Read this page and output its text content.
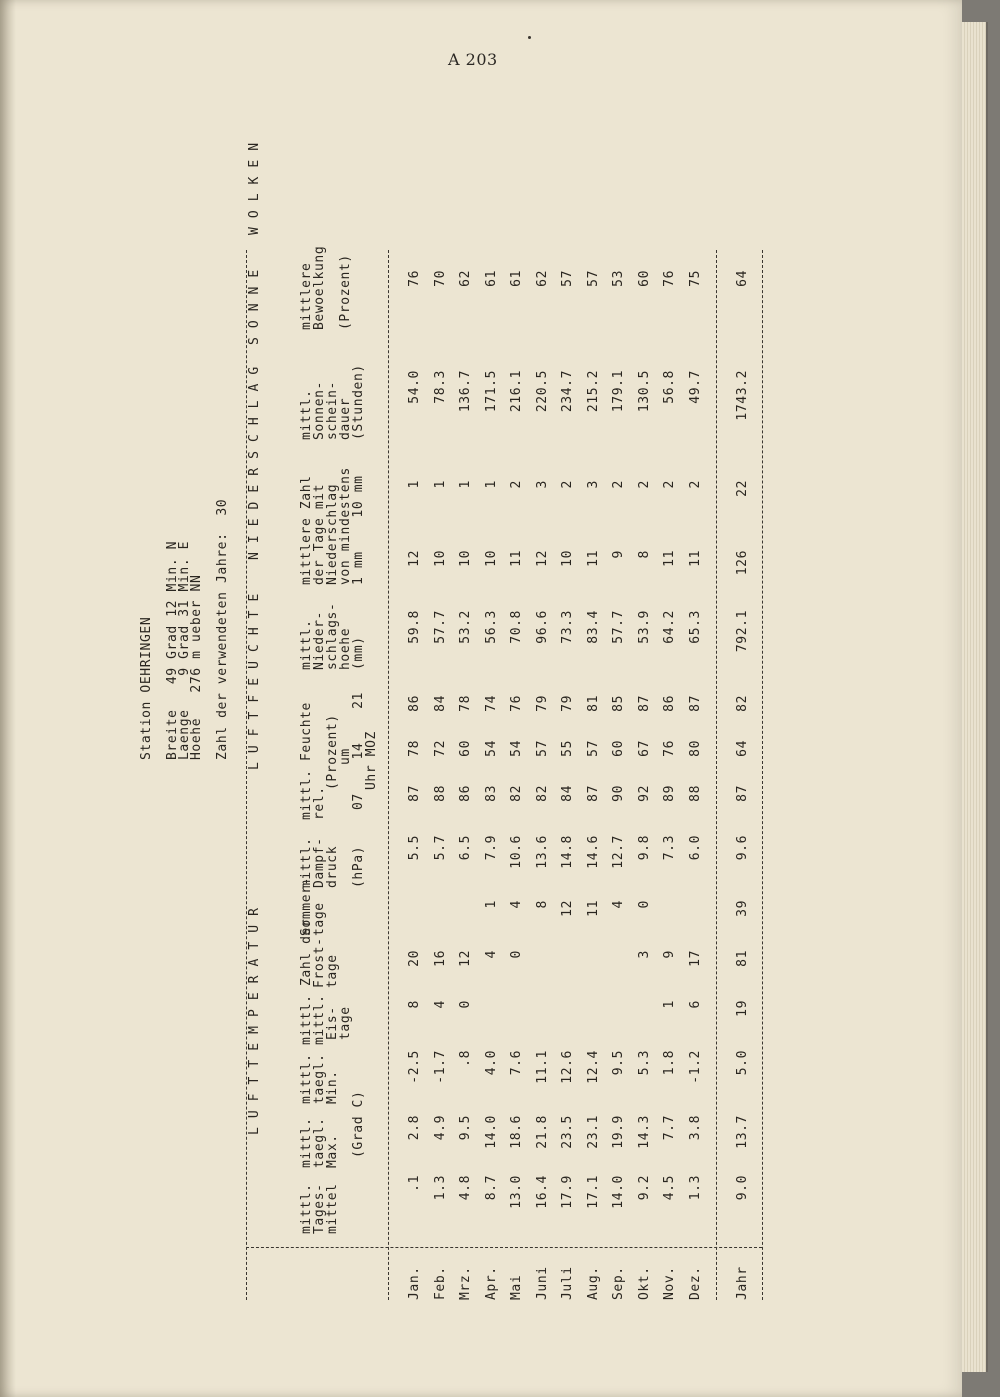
A 203
Station OEHRINGEN Breite   49 Grad 12 Min. N
Laenge    9 Grad 31 Min. E
Hoehe   276 m ueber NN Zahl der verwendeten Jahre:  30
L U F T T E M P E R A T U R
L U F T F E U C H T E
N I E D E R S C H L A G
S O N N E
W O L K E N
mittl.
Tages-
mittel
mittl.
taegl.
Max.
mittl.
taegl.
Min.
(Grad C)
mittl. Zahl der
mittl.
Eis-
tage
Frost-
tage
Sommer-
tage
mittl.
Dampf-
druck (hPa)
mittl. Feuchte
rel.
(Prozent)
um
07    14    21
Uhr MOZ
mittl.
Nieder-
schlags-
hoehe
(mm)
mittlere Zahl
der Tage mit
Niederschlag
von mindestens
1 mm    10 mm
mittl.
Sonnen-
schein-
dauer
(Stunden)
mittlere
Bewoelkung (Prozent)
Jan.
.1
2.8
-2.5
8
20
5.5
87
78
86
59.8
12
1
54.0
76
Feb.
1.3
4.9
-1.7
4
16
5.7
88
72
84
57.7
10
1
78.3
70
Mrz.
4.8
9.5
.8
0
12
6.5
86
60
78
53.2
10
1
136.7
62
Apr.
8.7
14.0
4.0
4
1
7.9
83
54
74
56.3
10
1
171.5
61
Mai
13.0
18.6
7.6
0
4
10.6
82
54
76
70.8
11
2
216.1
61
Juni
16.4
21.8
11.1
8
13.6
82
57
79
96.6
12
3
220.5
62
Juli
17.9
23.5
12.6
12
14.8
84
55
79
73.3
10
2
234.7
57
Aug.
17.1
23.1
12.4
11
14.6
87
57
81
83.4
11
3
215.2
57
Sep.
14.0
19.9
9.5
4
12.7
90
60
85
57.7
9
2
179.1
53
Okt.
9.2
14.3
5.3
3
0
9.8
92
67
87
53.9
8
2
130.5
60
Nov.
4.5
7.7
1.8
1
9
7.3
89
76
86
64.2
11
2
56.8
76
Dez.
1.3
3.8
-1.2
6
17
6.0
88
80
87
65.3
11
2
49.7
75
Jahr
9.0
13.7
5.0
19
81
39
9.6
87
64
82
792.1
126
22
1743.2
64
